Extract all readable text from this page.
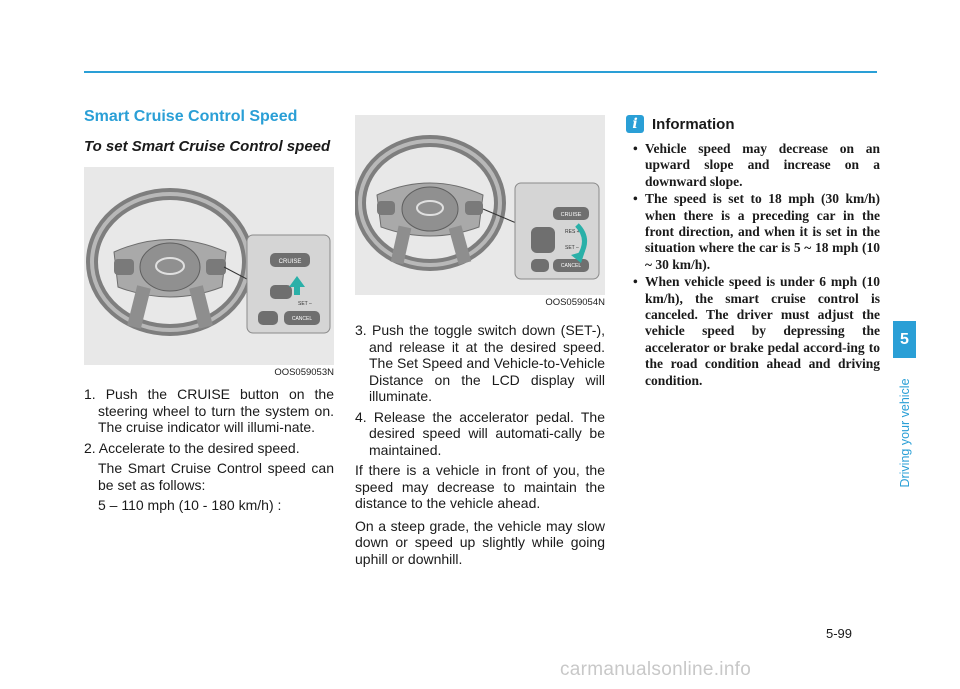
Smart Cruise Control Speed
To set Smart Cruise Control speed
CRUISE
SET –
CANCEL
OOS059053N

1. Push the CRUISE button on the steering wheel to turn the system on. The cruise indicator will illumi-nate.

2. Accelerate to the desired speed.

The Smart Cruise Control speed can be set as follows:

5 – 110 mph (10 - 180 km/h) :

CRUISE
RES +
SET –
CANCEL
OOS059054N

3. Push the toggle switch down (SET-), and release it at the desired speed. The Set Speed and Vehicle-to-Vehicle Distance on the LCD display will illuminate.

4. Release the accelerator pedal. The desired speed will automati-cally be maintained.

If there is a vehicle in front of you, the speed may decrease to maintain the distance to the vehicle ahead.

On a steep grade, the vehicle may slow down or speed up slightly while going uphill or downhill.

i Information
• Vehicle speed may decrease on an upward slope and increase on a downward slope.
• The speed is set to 18 mph (30 km/h) when there is a preceding car in the front direction, and when it is set in the situation where the car is 5 ~ 18 mph (10 ~ 30 km/h).
• When vehicle speed is under 6 mph (10 km/h), the smart cruise control is canceled. The driver must adjust the vehicle speed by depressing the accelerator or brake pedal accord-ing to the road condition ahead and driving condition.
5
Driving your vehicle
5-99
carmanualsonline.info
